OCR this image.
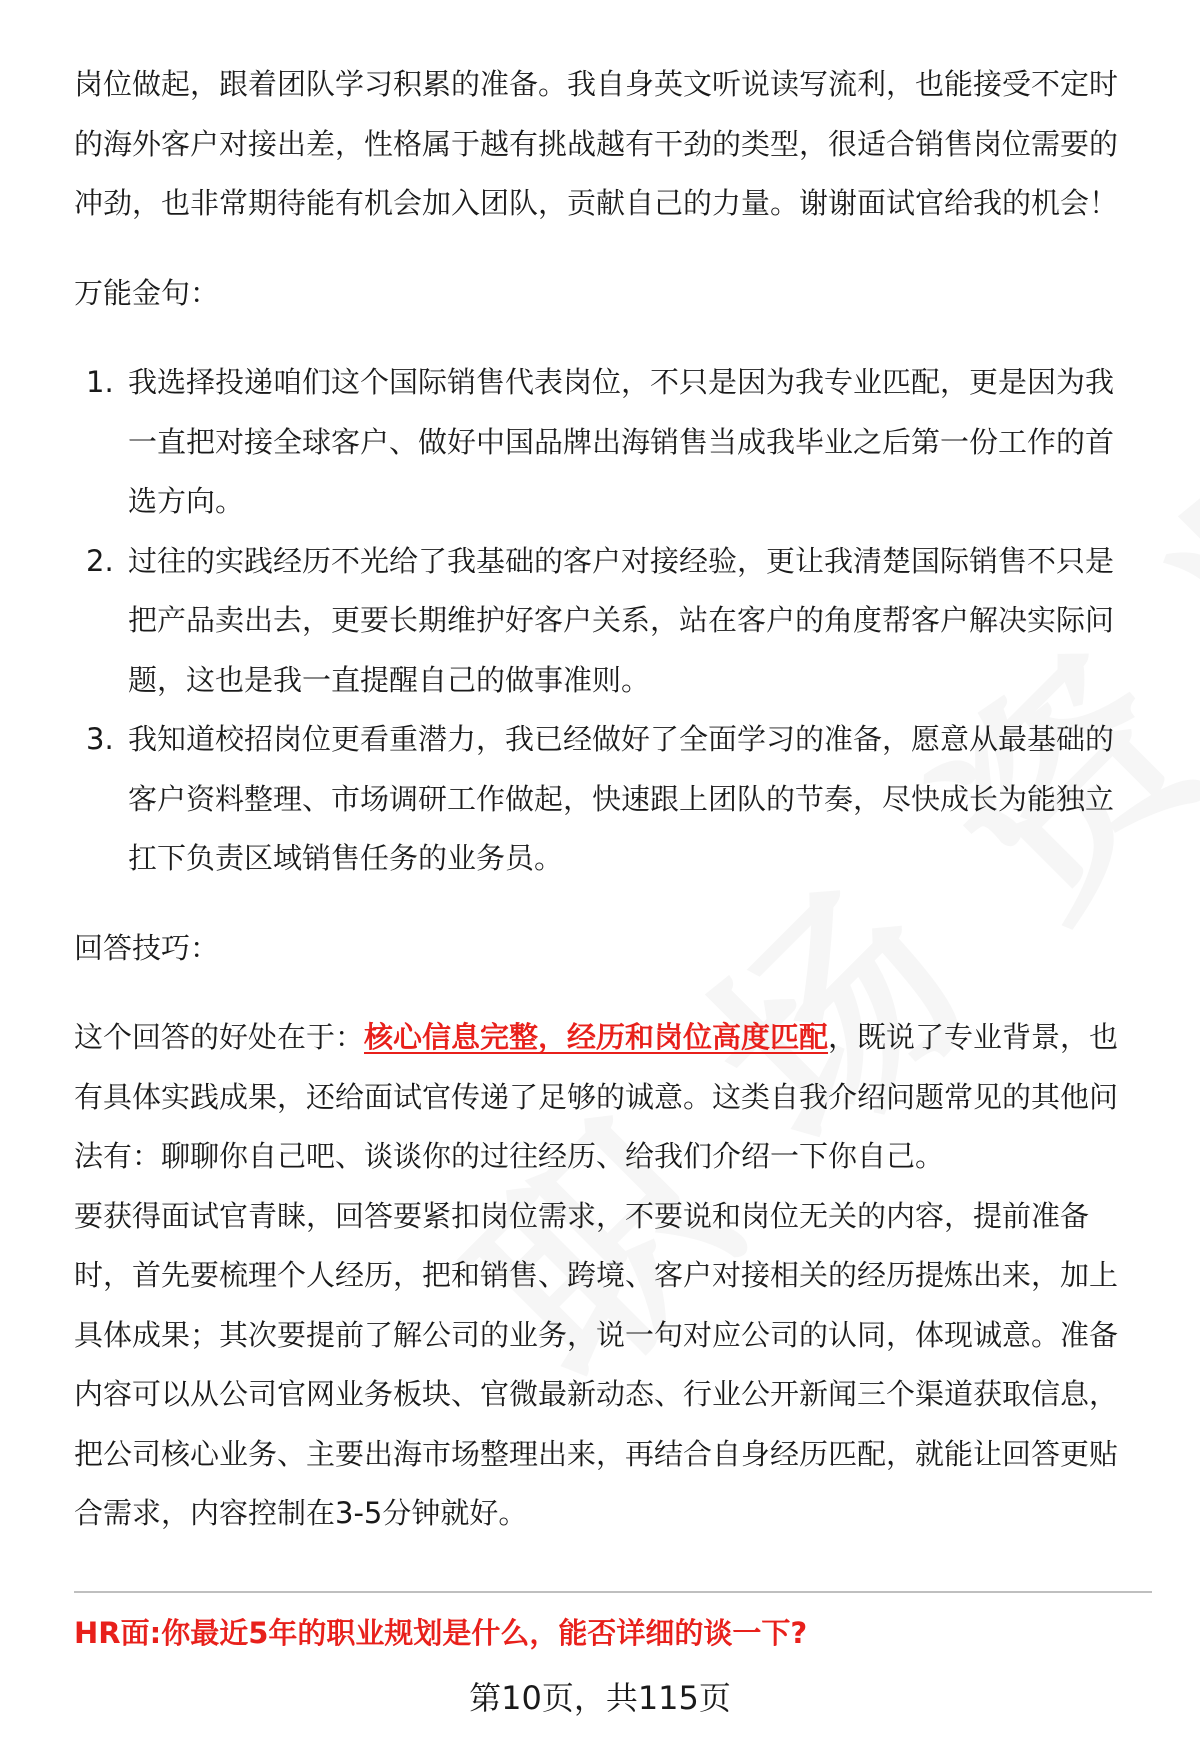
岗位做起，跟着团队学习积累的准备。我自身英文听说读写流利，也能接受不定时的海外客户对接出差，性格属于越有挑战越有干劲的类型，很适合销售岗位需要的冲劲，也非常期待能有机会加入团队，贡献自己的力量。谢谢面试官给我的机会！

万能金句：

1. 我选择投递咱们这个国际销售代表岗位，不只是因为我专业匹配，更是因为我一直把对接全球客户、做好中国品牌出海销售当成我毕业之后第一份工作的首选方向。
2. 过往的实践经历不光给了我基础的客户对接经验，更让我清楚国际销售不只是把产品卖出去，更要长期维护好客户关系，站在客户的角度帮客户解决实际问题，这也是我一直提醒自己的做事准则。
3. 我知道校招岗位更看重潜力，我已经做好了全面学习的准备，愿意从最基础的客户资料整理、市场调研工作做起，快速跟上团队的节奏，尽快成长为能独立扛下负责区域销售任务的业务员。

回答技巧：

这个回答的好处在于：核心信息完整，经历和岗位高度匹配，既说了专业背景，也有具体实践成果，还给面试官传递了足够的诚意。这类自我介绍问题常见的其他问法有：聊聊你自己吧、谈谈你的过往经历、给我们介绍一下你自己。

要获得面试官青睐，回答要紧扣岗位需求，不要说和岗位无关的内容，提前准备时，首先要梳理个人经历，把和销售、跨境、客户对接相关的经历提炼出来，加上具体成果；其次要提前了解公司的业务，说一句对应公司的认同，体现诚意。准备内容可以从公司官网业务板块、官微最新动态、行业公开新闻三个渠道获取信息，把公司核心业务、主要出海市场整理出来，再结合自身经历匹配，就能让回答更贴合需求，内容控制在3-5分钟就好。

HR面:你最近5年的职业规划是什么，能否详细的谈一下?
第10页，共115页
